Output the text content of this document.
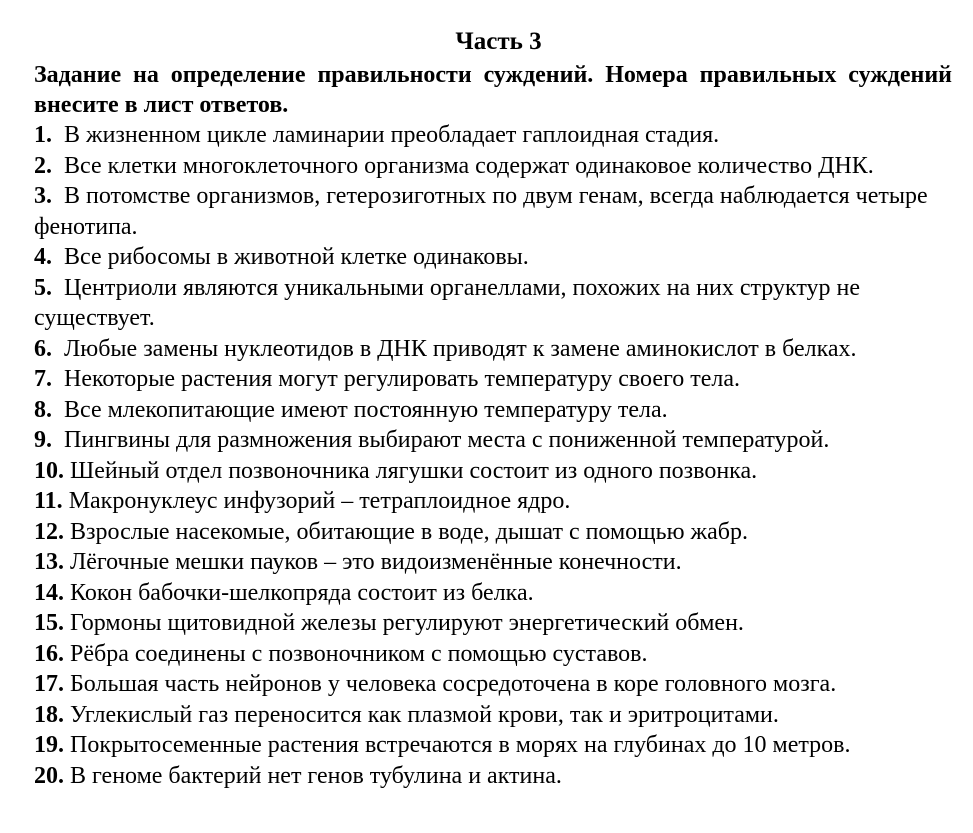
Часть 3
Задание на определение правильности суждений. Номера правильных суждений внесите в лист ответов.
1. В жизненном цикле ламинарии преобладает гаплоидная стадия.
2. Все клетки многоклеточного организма содержат одинаковое количество ДНК.
3. В потомстве организмов, гетерозиготных по двум генам, всегда наблюдается четыре фенотипа.
4. Все рибосомы в животной клетке одинаковы.
5. Центриоли являются уникальными органеллами, похожих на них структур не существует.
6. Любые замены нуклеотидов в ДНК приводят к замене аминокислот в белках.
7. Некоторые растения могут регулировать температуру своего тела.
8. Все млекопитающие имеют постоянную температуру тела.
9. Пингвины для размножения выбирают места с пониженной температурой.
10. Шейный отдел позвоночника лягушки состоит из одного позвонка.
11. Макронуклеус инфузорий – тетраплоидное ядро.
12. Взрослые насекомые, обитающие в воде, дышат с помощью жабр.
13. Лёгочные мешки пауков – это видоизменённые конечности.
14. Кокон бабочки-шелкопряда состоит из белка.
15. Гормоны щитовидной железы регулируют энергетический обмен.
16. Рёбра соединены с позвоночником с помощью суставов.
17. Большая часть нейронов у человека сосредоточена в коре головного мозга.
18. Углекислый газ переносится как плазмой крови, так и эритроцитами.
19. Покрытосеменные растения встречаются в морях на глубинах до 10 метров.
20. В геноме бактерий нет генов тубулина и актина.
